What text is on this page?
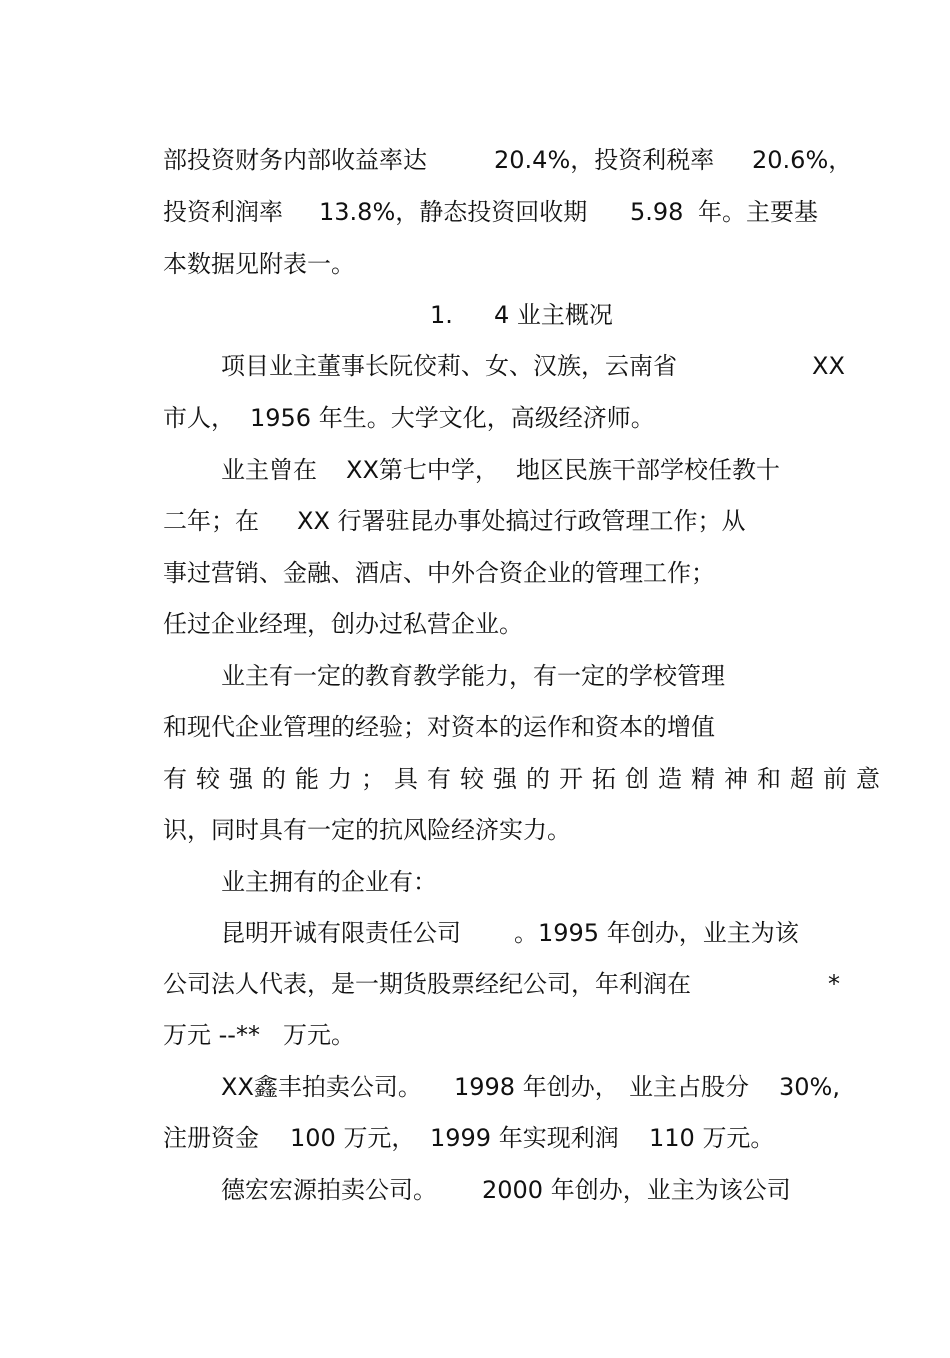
部投资财务内部收益率达

	20.4%，投资利税率

20.6%，

投资利润率

13.8%，静态投资回收期

5.98

年。主要基

本数据见附表一。

1.

4 业主概况

项目业主董事长阮佼莉、女、汉族，云南省

	XX

市人，

1956 年生。大学文化，高级经济师。

业主曾在

XX第七中学，

地区民族干部学校任教十

二年；在

XX 行署驻昆办事处搞过行政管理工作；从

事过营销、金融、酒店、中外合资企业的管理工作；

任过企业经理，创办过私营企业。

业主有一定的教育教学能力，有一定的学校管理

和现代企业管理的经验；对资本的运作和资本的增值

有较强的能力；具有较强的开拓创造精神和超前意

识，同时具有一定的抗风险经济实力。

业主拥有的企业有：

昆明开诚有限责任公司

。1995 年创办，业主为该

公司法人代表，是一期货股票经纪公司，年利润在

	*

万元 --**

万元。

XX鑫丰拍卖公司。

1998 年创办，

业主占股分

30%,

注册资金

100 万元，

1999 年实现利润

110 万元。

德宏宏源拍卖公司。

2000 年创办，业主为该公司
